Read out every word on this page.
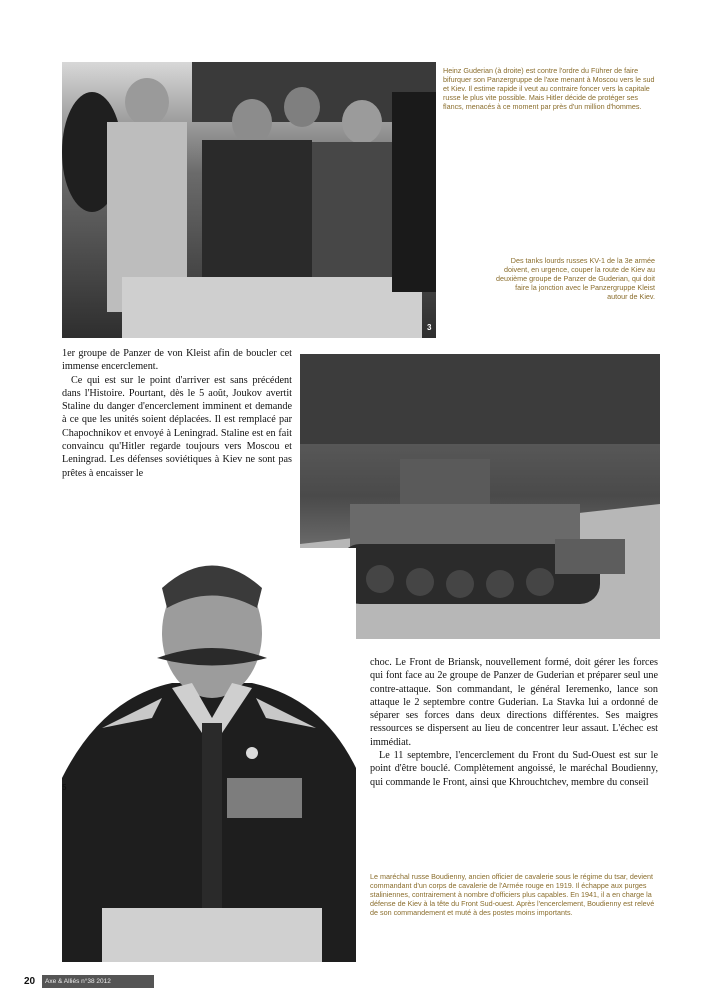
3
Heinz Guderian (à droite) est contre l'ordre du Führer de faire bifurquer son Panzergruppe de l'axe menant à Moscou vers le sud et Kiev. Il estime rapide il veut au contraire foncer vers la capitale russe le plus vite possible. Mais Hitler décide de protéger ses flancs, menacés à ce moment par près d'un million d'hommes.
Des tanks lourds russes KV-1 de la 3e armée doivent, en urgence, couper la route de Kiev au deuxième groupe de Panzer de Guderian, qui doit faire la jonction avec le Panzergruppe Kleist autour de Kiev.

1er groupe de Panzer de von Kleist afin de boucler cet immense encerclement.

Ce qui est sur le point d'arriver est sans précédent dans l'Histoire. Pourtant, dès le 5 août, Joukov avertit Staline du danger d'encerclement imminent et demande à ce que les unités soient déplacées. Il est remplacé par Chapochnikov et envoyé à Leningrad. Staline est en fait convaincu qu'Hitler regarde toujours vers Moscou et Leningrad. Les défenses soviétiques à Kiev ne sont pas prêtes à encaisser le

5

choc. Le Front de Briansk, nouvellement formé, doit gérer les forces qui font face au 2e groupe de Panzer de Guderian et préparer seul une contre-attaque. Son commandant, le général Ieremenko, lance son attaque le 2 septembre contre Guderian. La Stavka lui a ordonné de séparer ses forces dans deux directions différentes. Ses maigres ressources se dispersent au lieu de concentrer leur assaut. L'échec est immédiat.

Le 11 septembre, l'encerclement du Front du Sud-Ouest est sur le point d'être bouclé. Complètement angoissé, le maréchal Boudienny, qui commande le Front, ainsi que Khrouchtchev, membre du conseil

Le maréchal russe Boudienny, ancien officier de cavalerie sous le régime du tsar, devient commandant d'un corps de cavalerie de l'Armée rouge en 1919. Il échappe aux purges staliniennes, contrairement à nombre d'officiers plus capables. En 1941, il a en charge la défense de Kiev à la tête du Front Sud-ouest. Après l'encerclement, Boudienny est relevé de son commandement et muté à des postes moins importants.
20	Axe & Alliés n°38 2012
